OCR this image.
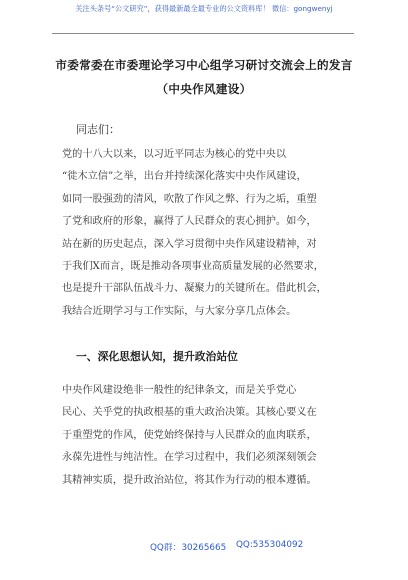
关注头条号“公文研究”，获得最新最全最专业的公文资料库！ 微信：gongwenyj
市委常委在市委理论学习中心组学习研讨交流会上的发言
（中央作风建设）
同志们：
党的十八大以来，以习近平同志为核心的党中央以
“徙木立信”之举，出台并持续深化落实中央作风建设，
如同一股强劲的清风，吹散了作风之弊、行为之垢，重塑
了党和政府的形象，赢得了人民群众的衷心拥护。如今，
站在新的历史起点，深入学习贯彻中央作风建设精神，对
于我们X而言，既是推动各项事业高质量发展的必然要求，
也是提升干部队伍战斗力、凝聚力的关键所在。借此机会，
我结合近期学习与工作实际，与大家分享几点体会。
一、深化思想认知，提升政治站位
中央作风建设绝非一般性的纪律条文，而是关乎党心
民心、关乎党的执政根基的重大政治决策。其核心要义在
于重塑党的作风，使党始终保持与人民群众的血肉联系，
永葆先进性与纯洁性。在学习过程中，我们必须深刻领会
其精神实质，提升政治站位，将其作为行动的根本遵循。
QQ群：30265665 QQ:535304092
